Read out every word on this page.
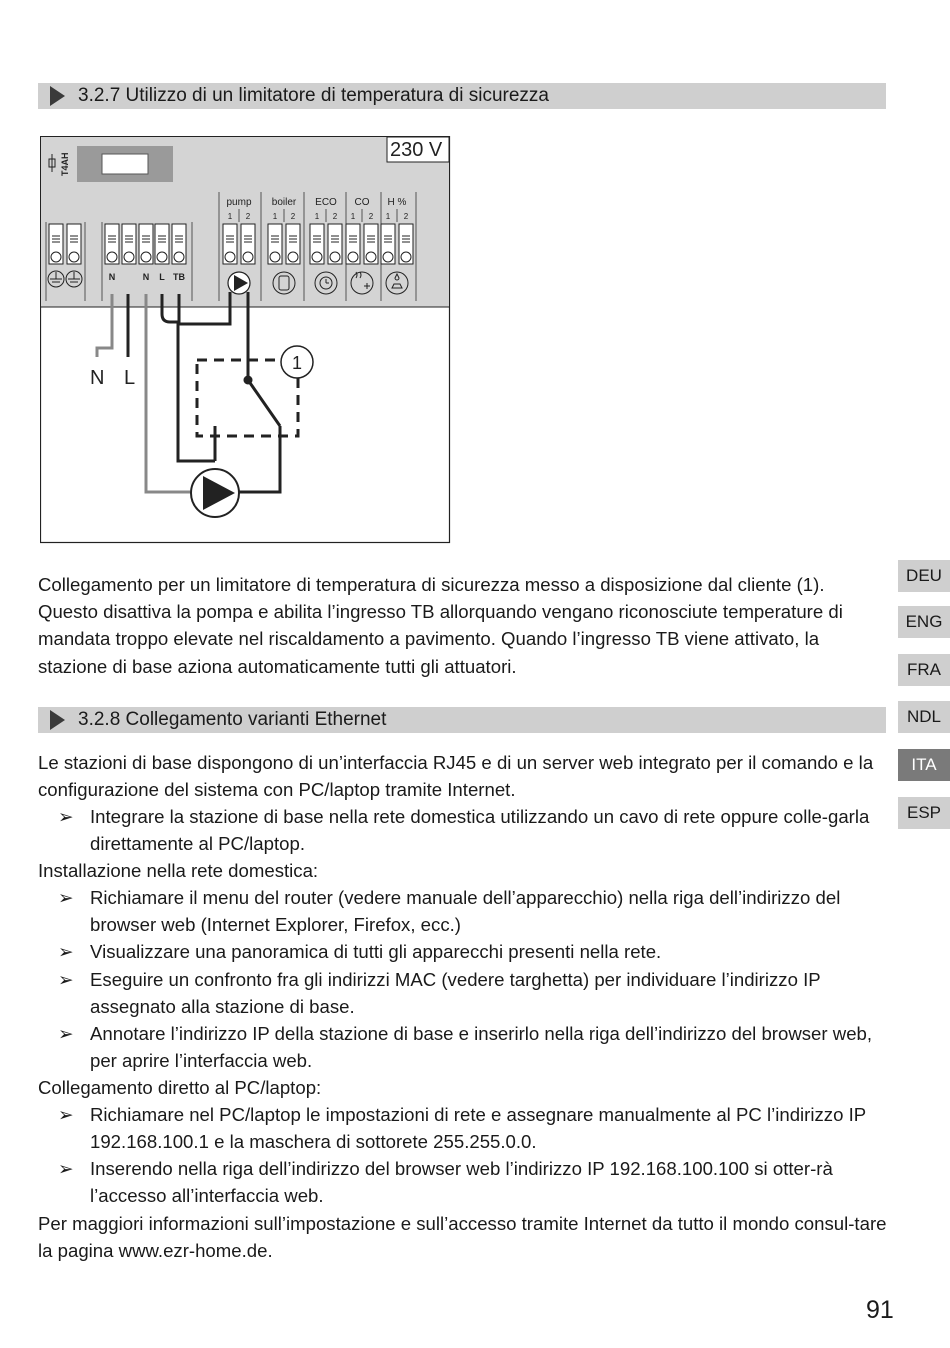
3.2.7 Utilizzo di un limitatore di temperatura di sicurezza
T4AH
230 V
pump boiler ECO CO H %
1 2	1 2 1 2 1 2 1 2
N	N L TB
1
N L

Collegamento per un limitatore di temperatura di sicurezza messo a disposizione dal cliente (1). Questo disattiva la pompa e abilita l’ingresso TB allorquando vengano riconosciute temperature di mandata troppo elevate nel riscaldamento a pavimento. Quando l’ingresso TB viene attivato, la stazione di base aziona automaticamente tutti gli attuatori.

3.2.8 Collegamento varianti Ethernet

Le stazioni di base dispongono di un’interfaccia RJ45 e di un server web integrato per il comando e la configurazione del sistema con PC/laptop tramite Internet.

➢ Integrare la stazione di base nella rete domestica utilizzando un cavo di rete oppure colle-garla direttamente al PC/laptop.

Installazione nella rete domestica:

➢ Richiamare il menu del router (vedere manuale dell’apparecchio) nella riga dell’indirizzo del browser web (Internet Explorer, Firefox, ecc.)
➢ Visualizzare una panoramica di tutti gli apparecchi presenti nella rete.
➢ Eseguire un confronto fra gli indirizzi MAC (vedere targhetta) per individuare l’indirizzo IP assegnato alla stazione di base.
➢ Annotare l’indirizzo IP della stazione di base e inserirlo nella riga dell’indirizzo del browser web, per aprire l’interfaccia web.

Collegamento diretto al PC/laptop:

➢ Richiamare nel PC/laptop le impostazioni di rete e assegnare manualmente al PC l’indirizzo IP 192.168.100.1 e la maschera di sottorete 255.255.0.0.
➢ Inserendo nella riga dell’indirizzo del browser web l’indirizzo IP 192.168.100.100 si otter-rà l’accesso all’interfaccia web.

Per maggiori informazioni sull’impostazione e sull’accesso tramite Internet da tutto il mondo consul-tare la pagina www.ezr-home.de.

DEU
ENG
FRA
NDL
ITA
ESP
91
